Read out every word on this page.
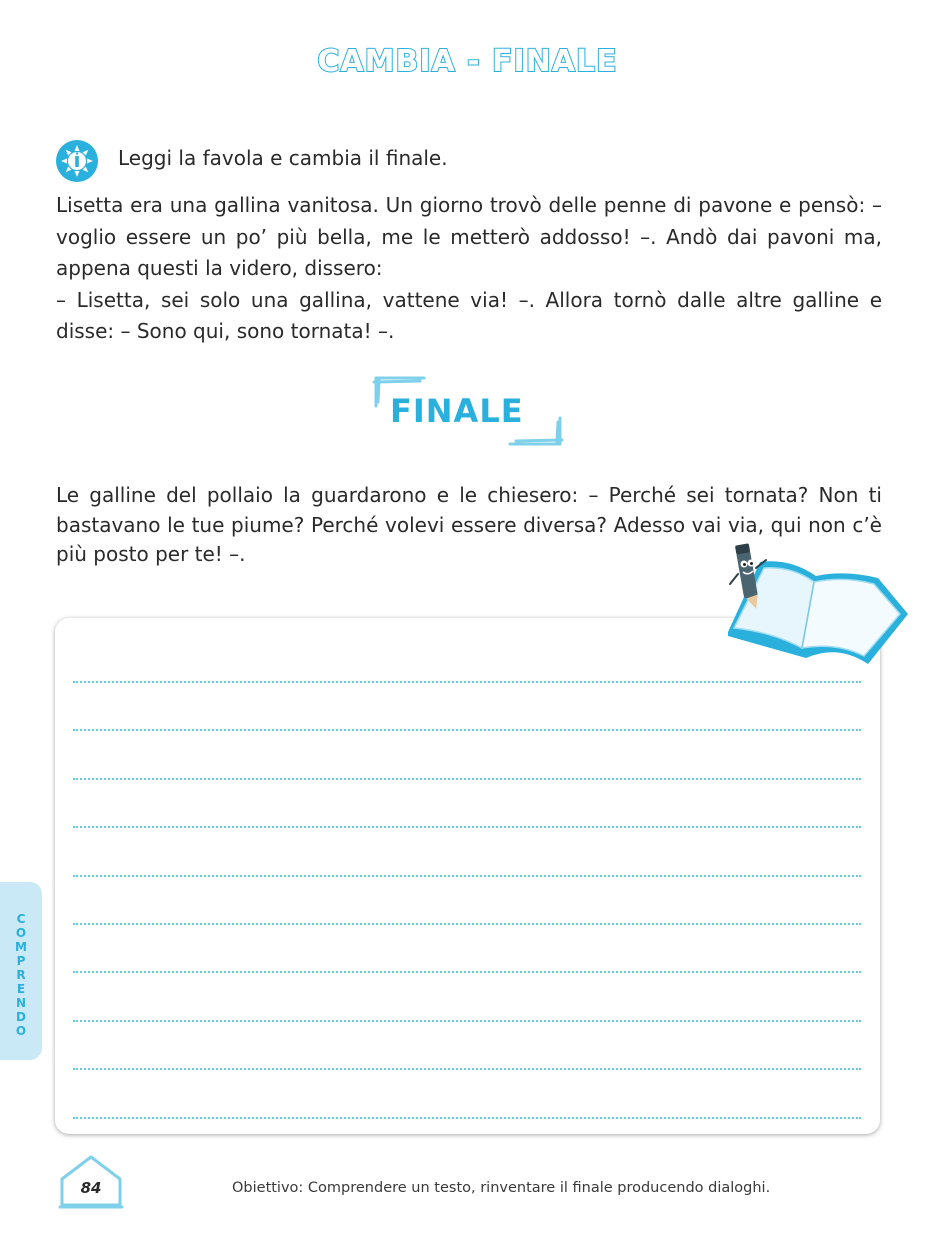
CAMBIA - FINALE
Leggi la favola e cambia il finale.

Lisetta era una gallina vanitosa. Un giorno trovò delle penne di pavone e pensò: – voglio essere un po’ più bella, me le metterò addosso! –. Andò dai pavoni ma, appena questi la videro, dissero:

– Lisetta, sei solo una gallina, vattene via! –. Allora tornò dalle altre galline e disse: – Sono qui, sono tornata! –.

FINALE
Le galline del pollaio la guardarono e le chiesero: – Perché sei tornata? Non ti bastavano le tue piume? Perché volevi essere diversa? Adesso vai via, qui non c’è più posto per te! –.
COMPRENDO
84	Obiettivo: Comprendere un testo, rinventare il finale producendo dialoghi.
